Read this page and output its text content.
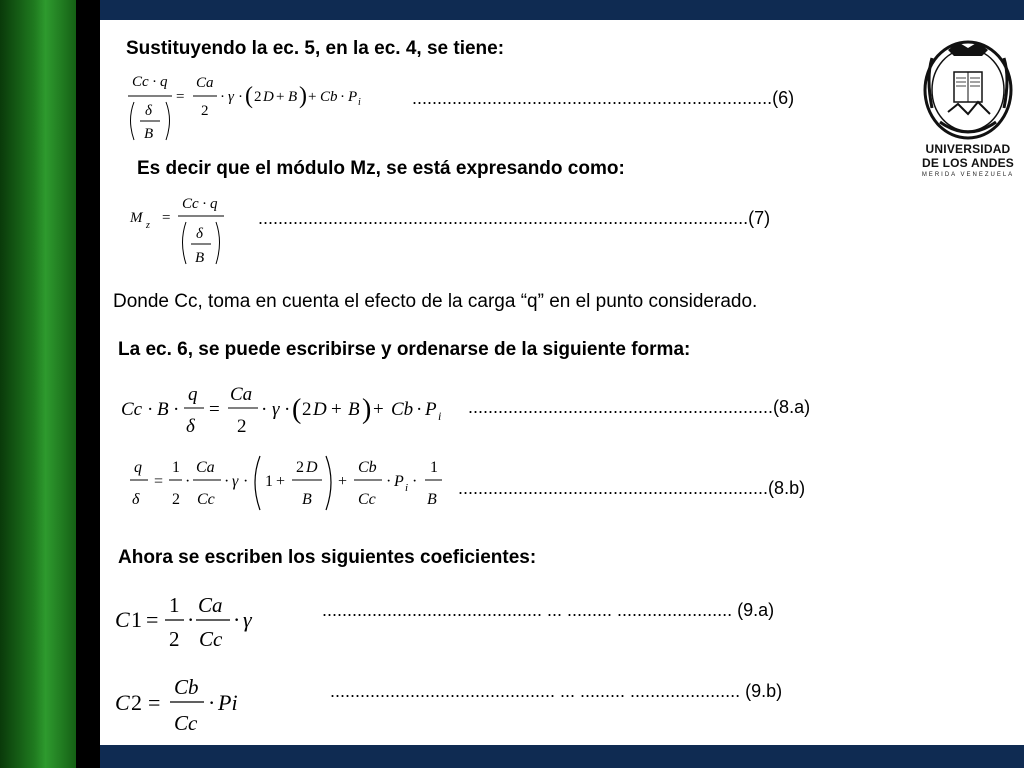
UNIVERSIDAD
DE LOS ANDES
MERIDA VENEZUELA
Sustituyendo la ec. 5, en la ec. 4, se tiene:
Cc · q
δ
B
=
Ca
2
· γ · ( 2 D + B ) + Cb · P i	........................................................................(6)
Es decir que el módulo Mz, se está expresando como:
M z =
Cc · q
δ
B
..................................................................................................(7)
Donde Cc, toma en cuenta el efecto de la carga “q” en el punto considerado.
La ec. 6, se puede escribirse y ordenarse de la siguiente forma:
Cc · B ·
q
δ
=
Ca
2
· γ · ( 2 D + B ) + Cb · P i .............................................................(8.a)
q
δ
=
1
2
·
Ca
Cc
· γ · 1 +
2 D
B
+
Cb
Cc
· P i ·
1
B
..............................................................(8.b)
Ahora se escriben los siguientes coeficientes:
C 1 =
1
2
·
Ca
Cc
· γ	............................................ ... ......... ....................... (9.a)
C 2 =
Cb
Cc
· Pi	............................................. ... ......... ...................... (9.b)
